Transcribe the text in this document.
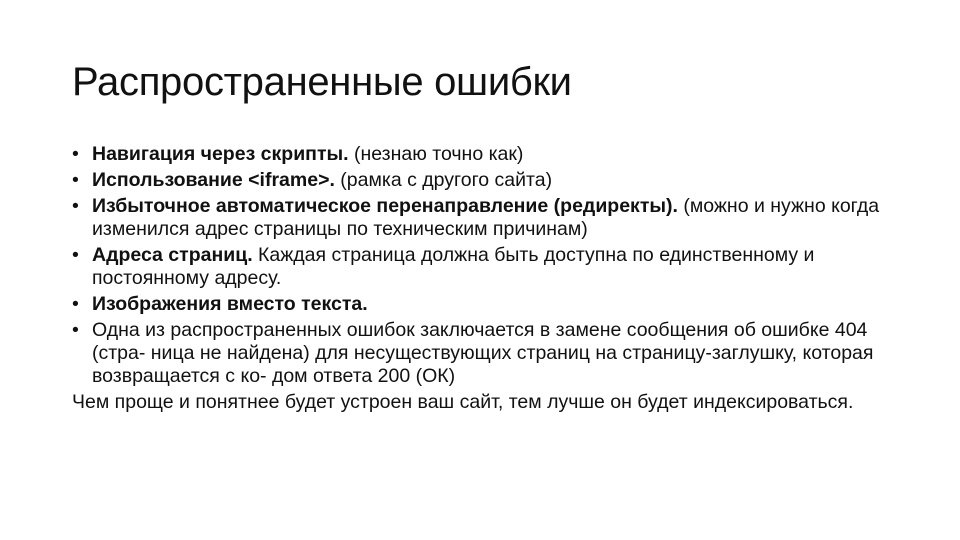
Распространенные ошибки
• Навигация через скрипты. (незнаю точно как)
• Использование <iframe>. (рамка с другого сайта)
• Избыточное автоматическое перенаправление (редиректы). (можно и нужно когда изменился адрес страницы по техническим причинам)
• Адреса страниц. Каждая страница должна быть доступна по единственному и постоянному адресу.
• Изображения вместо текста.
• Одна из распространенных ошибок заключается в замене сообщения об ошибке 404 (стра- ница не найдена) для несуществующих страниц на страницу-заглушку, которая возвращается с ко- дом ответа 200 (ОК)
Чем проще и понятнее будет устроен ваш сайт, тем лучше он будет индексироваться.
